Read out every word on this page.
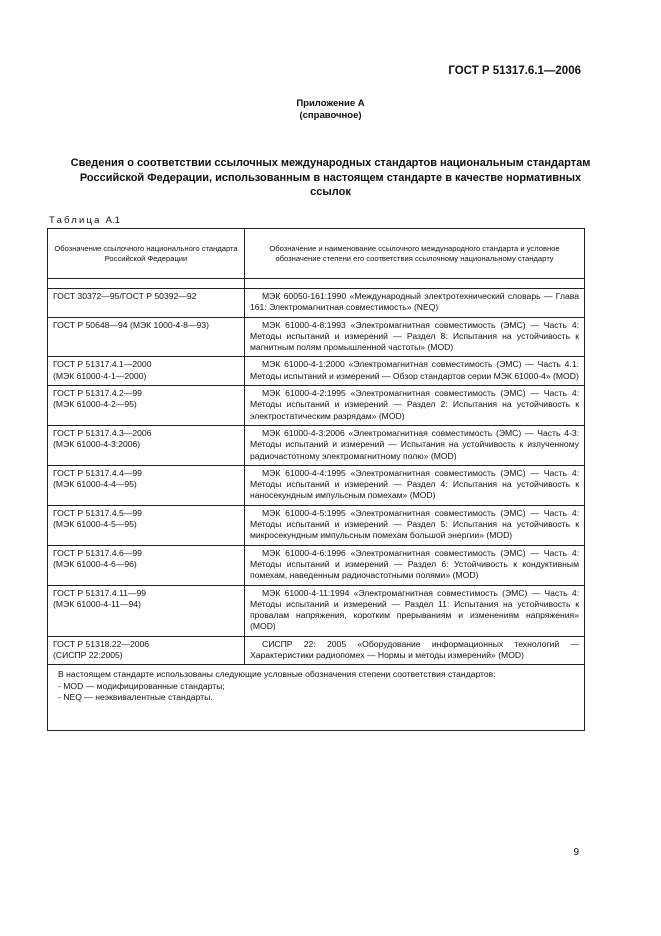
ГОСТ Р 51317.6.1—2006
Приложение А
(справочное)
Сведения о соответствии ссылочных международных стандартов национальным стандартам Российской Федерации, использованным в настоящем стандарте в качестве нормативных ссылок
Таблица А.1
Обозначение ссылочного национального стандарта Российской Федерации	Обозначение и наименование ссылочного международного стандарта и условное обозначение степени его соответствия ссылочному национальному стандарту

ГОСТ 30372—95/ГОСТ Р 50392—92	МЭК 60050-161:1990 «Международный электротехнический словарь — Глава 161: Электромагнитная совместимость» (NEQ)

ГОСТ Р 50648—94 (МЭК 1000-4-8—93)	МЭК 61000-4-8:1993 «Электромагнитная совместимость (ЭМС) — Часть 4: Методы испытаний и измерений — Раздел 8: Испытания на устойчивость к магнитным полям промышленной частоты» (MOD)

ГОСТ Р 51317.4.1—2000
(МЭК 61000-4-1—2000)	МЭК 61000-4-1:2000 «Электромагнитная совместимость (ЭМС) — Часть 4.1: Методы испытаний и измерений — Обзор стандартов серии МЭК 61000-4» (MOD)

ГОСТ Р 51317.4.2—99
(МЭК 61000-4-2—95)	МЭК 61000-4-2:1995 «Электромагнитная совместимость (ЭМС) — Часть 4: Методы испытаний и измерений — Раздел 2: Испытания на устойчивость к электростатическим разрядам» (MOD)

ГОСТ Р 51317.4.3—2006
(МЭК 61000-4-3:2006)	МЭК 61000-4-3:2006 «Электромагнитная совместимость (ЭМС) — Часть 4-3: Методы испытаний и измерений — Испытания на устойчивость к излученному радиочастотному электромагнитному полю» (MOD)

ГОСТ Р 51317.4.4—99
(МЭК 61000-4-4—95)	МЭК 61000-4-4:1995 «Электромагнитная совместимость (ЭМС) — Часть 4: Методы испытаний и измерений — Раздел 4: Испытания на устойчивость к наносекундным импульсным помехам» (MOD)

ГОСТ Р 51317.4.5—99
(МЭК 61000-4-5—95)	МЭК 61000-4-5:1995 «Электромагнитная совместимость (ЭМС) — Часть 4: Методы испытаний и измерений — Раздел 5: Испытания на устойчивость к микросекундным импульсным помехам большой энергии» (MOD)

ГОСТ Р 51317.4.6—99
(МЭК 61000-4-6—96)	МЭК 61000-4-6:1996 «Электромагнитная совместимость (ЭМС) — Часть 4: Методы испытаний и измерений — Раздел 6: Устойчивость к кондуктивным помехам, наведенным радиочастотными полями» (MOD)

ГОСТ Р 51317.4.11—99
(МЭК 61000-4-11—94)	МЭК 61000-4-11:1994 «Электромагнитная совместимость (ЭМС) — Часть 4: Методы испытаний и измерений — Раздел 11: Испытания на устойчивость к провалам напряжения, коротким прерываниям и изменениям напряжения» (MOD)

ГОСТ Р 51318.22—2006
(СИСПР 22:2005)	СИСПР 22: 2005 «Оборудование информационных технологий — Характеристики радиопомех — Нормы и методы измерений» (MOD)

В настоящем стандарте использованы следующие условные обозначения степени соответствия стандартов:
- MOD — модифицированные стандарты;
- NEQ — неэквивалентные стандарты.	
9
